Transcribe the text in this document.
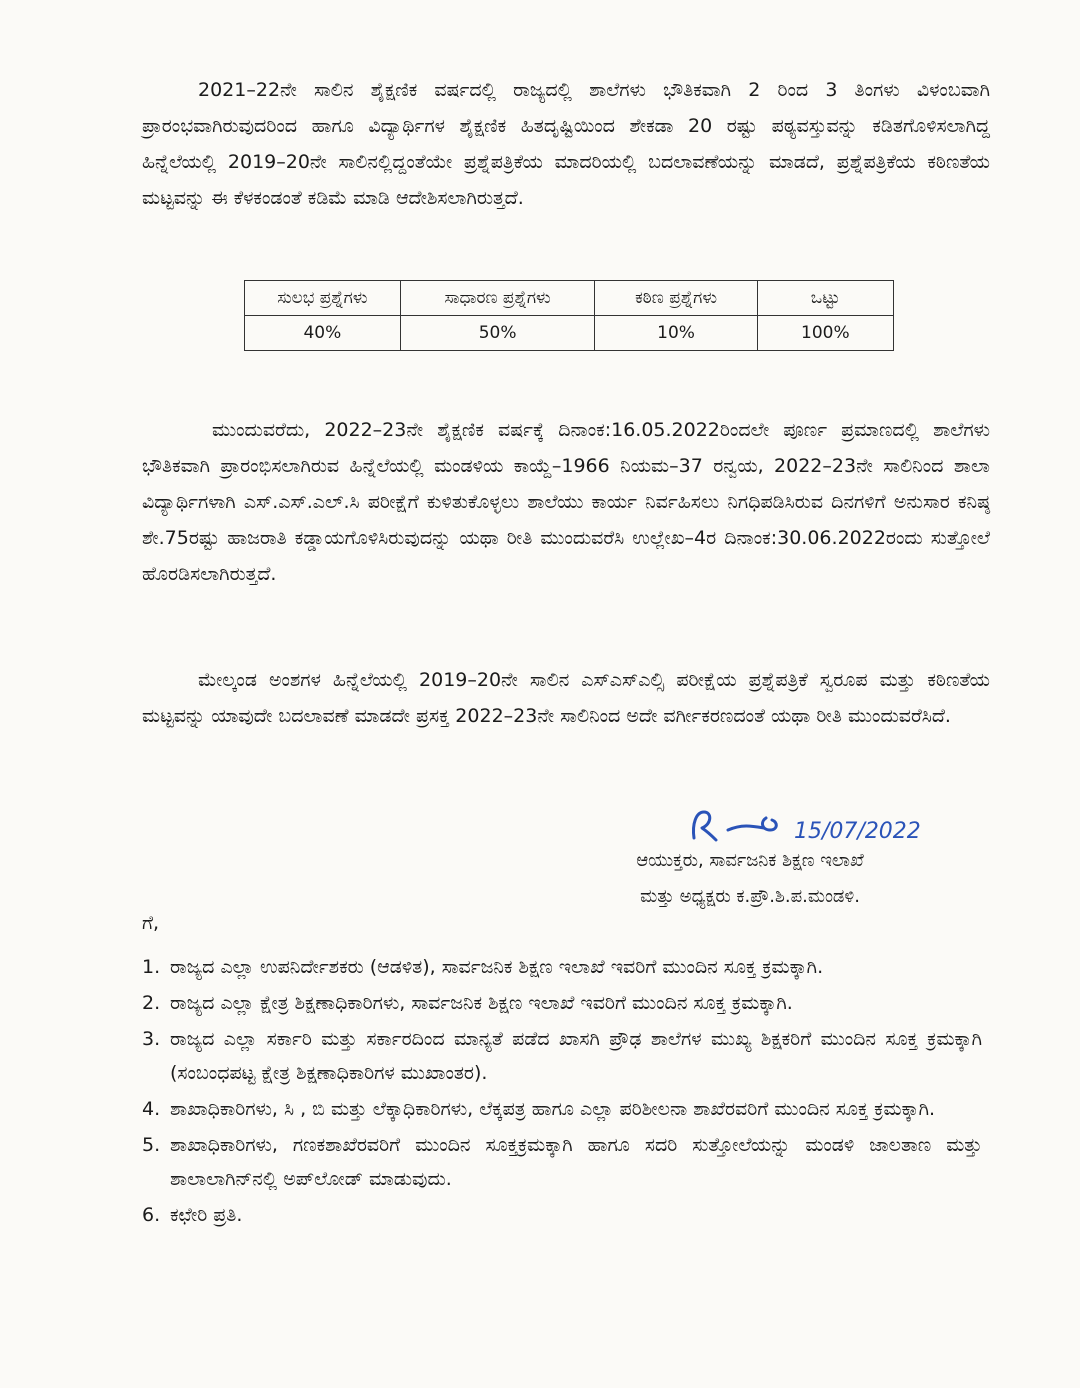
2021–22ನೇ ಸಾಲಿನ ಶೈಕ್ಷಣಿಕ ವರ್ಷದಲ್ಲಿ ರಾಜ್ಯದಲ್ಲಿ ಶಾಲೆಗಳು ಭೌತಿಕವಾಗಿ 2 ರಿಂದ 3 ತಿಂಗಳು ವಿಳಂಬವಾಗಿ ಪ್ರಾರಂಭವಾಗಿರುವುದರಿಂದ ಹಾಗೂ ವಿದ್ಯಾರ್ಥಿಗಳ ಶೈಕ್ಷಣಿಕ ಹಿತದೃಷ್ಟಿಯಿಂದ ಶೇಕಡಾ 20 ರಷ್ಟು ಪಠ್ಯವಸ್ತುವನ್ನು ಕಡಿತಗೊಳಿಸಲಾಗಿದ್ದ ಹಿನ್ನೆಲೆಯಲ್ಲಿ 2019–20ನೇ ಸಾಲಿನಲ್ಲಿದ್ದಂತೆಯೇ ಪ್ರಶ್ನೆಪತ್ರಿಕೆಯ ಮಾದರಿಯಲ್ಲಿ ಬದಲಾವಣೆಯನ್ನು ಮಾಡದೆ, ಪ್ರಶ್ನೆಪತ್ರಿಕೆಯ ಕಠಿಣತೆಯ ಮಟ್ಟವನ್ನು ಈ ಕೆಳಕಂಡಂತೆ ಕಡಿಮೆ ಮಾಡಿ ಆದೇಶಿಸಲಾಗಿರುತ್ತದೆ.

ಸುಲಭ ಪ್ರಶ್ನೆಗಳು	ಸಾಧಾರಣ ಪ್ರಶ್ನೆಗಳು	ಕಠಿಣ ಪ್ರಶ್ನೆಗಳು	ಒಟ್ಟು
40%	50%	10%	100%

ಮುಂದುವರೆದು, 2022–23ನೇ ಶೈಕ್ಷಣಿಕ ವರ್ಷಕ್ಕೆ ದಿನಾಂಕ:16.05.2022ರಿಂದಲೇ ಪೂರ್ಣ ಪ್ರಮಾಣದಲ್ಲಿ ಶಾಲೆಗಳು ಭೌತಿಕವಾಗಿ ಪ್ರಾರಂಭಿಸಲಾಗಿರುವ ಹಿನ್ನೆಲೆಯಲ್ಲಿ ಮಂಡಳಿಯ ಕಾಯ್ದೆ–1966 ನಿಯಮ–37 ರನ್ವಯ, 2022–23ನೇ ಸಾಲಿನಿಂದ ಶಾಲಾ ವಿದ್ಯಾರ್ಥಿಗಳಾಗಿ ಎಸ್.ಎಸ್.ಎಲ್.ಸಿ ಪರೀಕ್ಷೆಗೆ ಕುಳಿತುಕೊಳ್ಳಲು ಶಾಲೆಯು ಕಾರ್ಯ ನಿರ್ವಹಿಸಲು ನಿಗಧಿಪಡಿಸಿರುವ ದಿನಗಳಿಗೆ ಅನುಸಾರ ಕನಿಷ್ಠ ಶೇ.75ರಷ್ಟು ಹಾಜರಾತಿ ಕಡ್ಡಾಯಗೊಳಿಸಿರುವುದನ್ನು ಯಥಾ ರೀತಿ ಮುಂದುವರೆಸಿ ಉಲ್ಲೇಖ–4ರ ದಿನಾಂಕ:30.06.2022ರಂದು ಸುತ್ತೋಲೆ ಹೊರಡಿಸಲಾಗಿರುತ್ತದೆ.

ಮೇಲ್ಕಂಡ ಅಂಶಗಳ ಹಿನ್ನೆಲೆಯಲ್ಲಿ 2019–20ನೇ ಸಾಲಿನ ಎಸ್ಎಸ್ಎಲ್ಸಿ ಪರೀಕ್ಷೆಯ ಪ್ರಶ್ನೆಪತ್ರಿಕೆ ಸ್ವರೂಪ ಮತ್ತು ಕಠಿಣತೆಯ ಮಟ್ಟವನ್ನು ಯಾವುದೇ ಬದಲಾವಣೆ ಮಾಡದೇ ಪ್ರಸಕ್ತ 2022–23ನೇ ಸಾಲಿನಿಂದ ಅದೇ ವರ್ಗೀಕರಣದಂತೆ ಯಥಾ ರೀತಿ ಮುಂದುವರೆಸಿದೆ.

15/07/2022
ಆಯುಕ್ತರು, ಸಾರ್ವಜನಿಕ ಶಿಕ್ಷಣ ಇಲಾಖೆ
ಮತ್ತು ಅಧ್ಯಕ್ಷರು ಕ.ಪ್ರೌ.ಶಿ.ಪ.ಮಂಡಳಿ.
ಗೆ,
1. ರಾಜ್ಯದ ಎಲ್ಲಾ ಉಪನಿರ್ದೇಶಕರು (ಆಡಳಿತ), ಸಾರ್ವಜನಿಕ ಶಿಕ್ಷಣ ಇಲಾಖೆ ಇವರಿಗೆ ಮುಂದಿನ ಸೂಕ್ತ ಕ್ರಮಕ್ಕಾಗಿ.
2. ರಾಜ್ಯದ ಎಲ್ಲಾ ಕ್ಷೇತ್ರ ಶಿಕ್ಷಣಾಧಿಕಾರಿಗಳು, ಸಾರ್ವಜನಿಕ ಶಿಕ್ಷಣ ಇಲಾಖೆ ಇವರಿಗೆ ಮುಂದಿನ ಸೂಕ್ತ ಕ್ರಮಕ್ಕಾಗಿ.
3. ರಾಜ್ಯದ ಎಲ್ಲಾ ಸರ್ಕಾರಿ ಮತ್ತು ಸರ್ಕಾರದಿಂದ ಮಾನ್ಯತೆ ಪಡೆದ ಖಾಸಗಿ ಪ್ರೌಢ ಶಾಲೆಗಳ ಮುಖ್ಯ ಶಿಕ್ಷಕರಿಗೆ ಮುಂದಿನ ಸೂಕ್ತ ಕ್ರಮಕ್ಕಾಗಿ (ಸಂಬಂಧಪಟ್ಟ ಕ್ಷೇತ್ರ ಶಿಕ್ಷಣಾಧಿಕಾರಿಗಳ ಮುಖಾಂತರ).
4. ಶಾಖಾಧಿಕಾರಿಗಳು, ಸಿ , ಬಿ ಮತ್ತು ಲೆಕ್ಕಾಧಿಕಾರಿಗಳು, ಲೆಕ್ಕಪತ್ರ ಹಾಗೂ ಎಲ್ಲಾ ಪರಿಶೀಲನಾ ಶಾಖೆರವರಿಗೆ ಮುಂದಿನ ಸೂಕ್ತ ಕ್ರಮಕ್ಕಾಗಿ.
5. ಶಾಖಾಧಿಕಾರಿಗಳು, ಗಣಕಶಾಖೆರವರಿಗೆ ಮುಂದಿನ ಸೂಕ್ತಕ್ರಮಕ್ಕಾಗಿ ಹಾಗೂ ಸದರಿ ಸುತ್ತೋಲೆಯನ್ನು ಮಂಡಳಿ ಜಾಲತಾಣ ಮತ್ತು ಶಾಲಾಲಾಗಿನ್‌ನಲ್ಲಿ ಅಪ್‌ಲೋಡ್ ಮಾಡುವುದು.
6. ಕಛೇರಿ ಪ್ರತಿ.
